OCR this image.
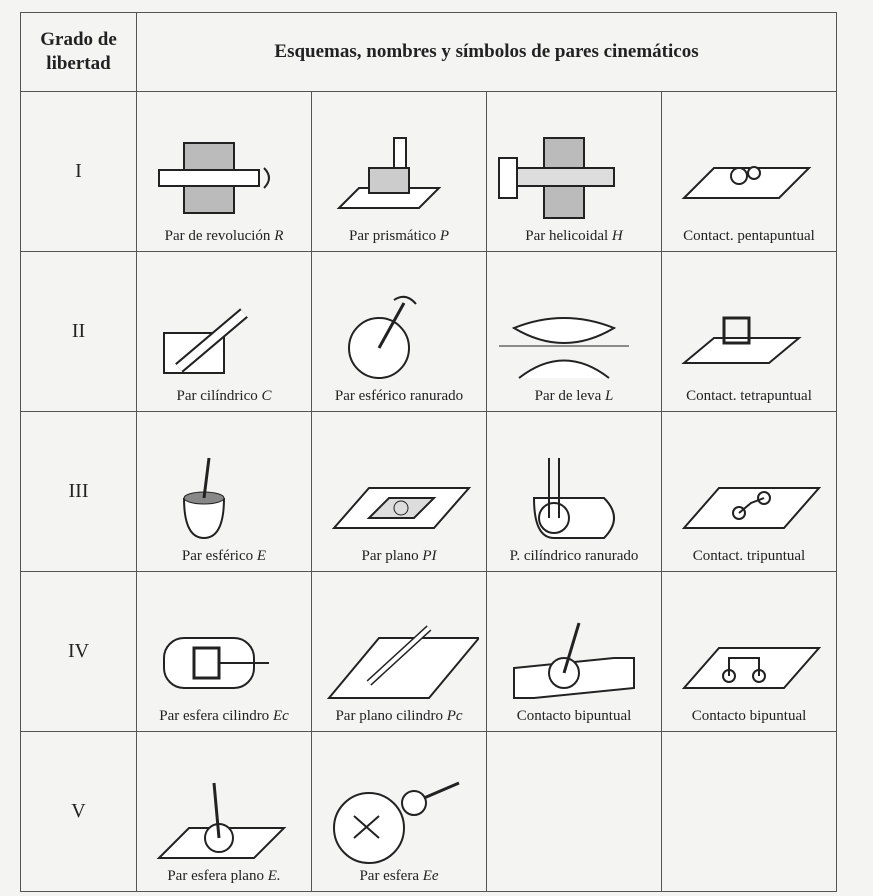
Grado de
libertad	Esquemas, nombres y símbolos de pares cinemáticos			
I	Par de revolución R	Par prismático P	Par helicoidal H	Contact. pentapuntual

II	Par cilíndrico C	Par esférico ranurado	Par de leva L	Contact. tetrapuntual

III	Par esférico E	Par plano PI	P. cilíndrico ranurado	Contact. tripuntual

IV	Par esfera cilindro Ec	Par plano cilindro Pc	Contacto bipuntual	Contacto bipuntual

V	Par esfera plano E.	Par esfera Ee		
